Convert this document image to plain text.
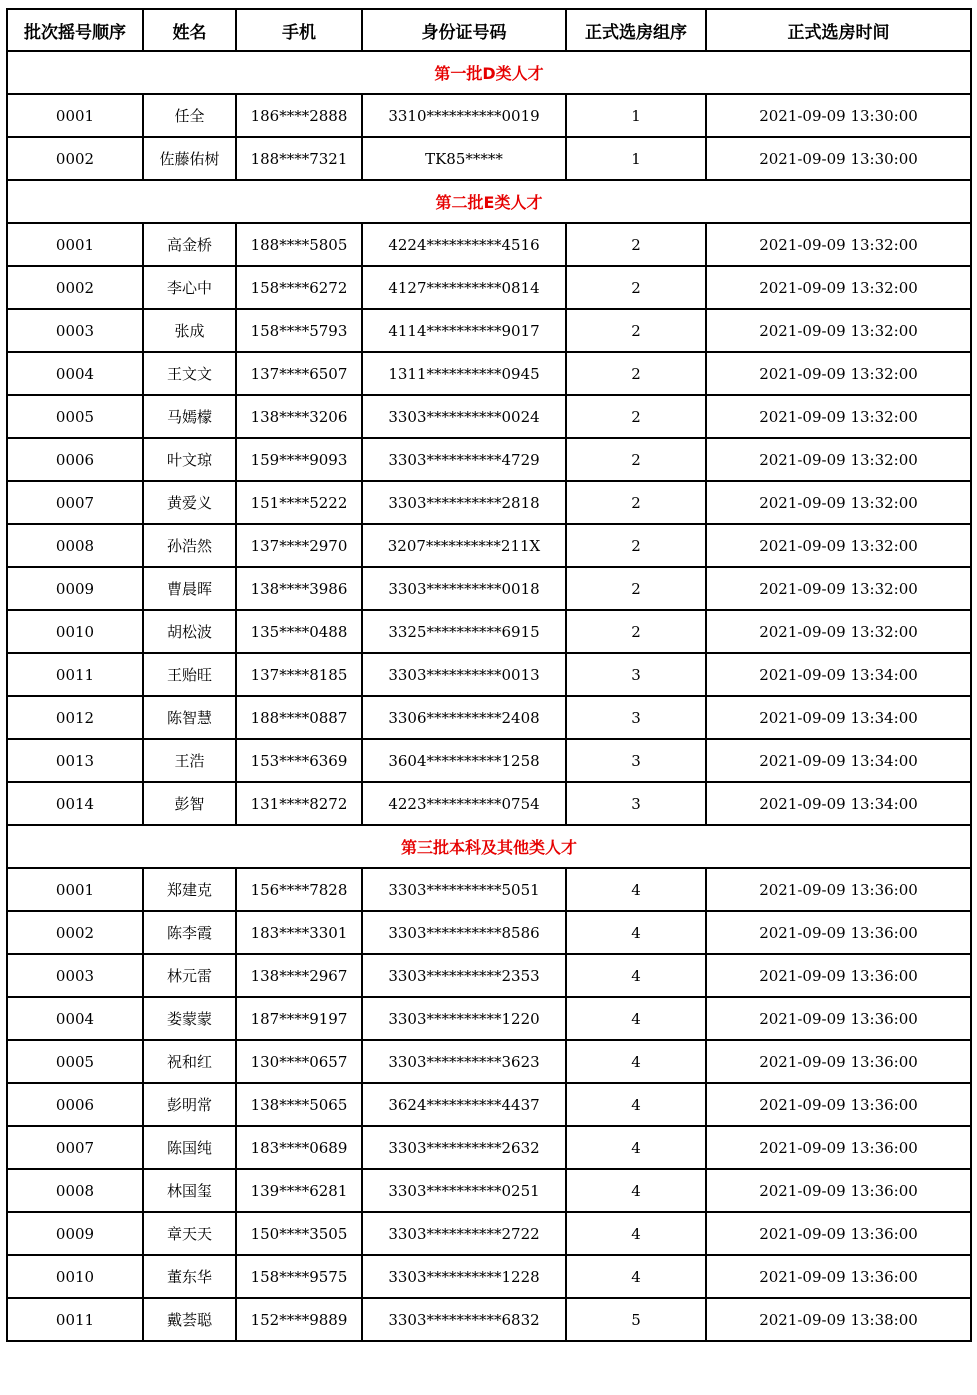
批次摇号顺序	姓名	手机	身份证号码	正式选房组序	正式选房时间
第一批D类人才					
0001	任全	186****2888	3310**********0019	1	2021-09-09 13:30:00
0002	佐藤佑树	188****7321	TK85*****	1	2021-09-09 13:30:00
第二批E类人才					
0001	高金桥	188****5805	4224**********4516	2	2021-09-09 13:32:00
0002	李心中	158****6272	4127**********0814	2	2021-09-09 13:32:00
0003	张成	158****5793	4114**********9017	2	2021-09-09 13:32:00
0004	王文文	137****6507	1311**********0945	2	2021-09-09 13:32:00
0005	马嫣檬	138****3206	3303**********0024	2	2021-09-09 13:32:00
0006	叶文琼	159****9093	3303**********4729	2	2021-09-09 13:32:00
0007	黄爱义	151****5222	3303**********2818	2	2021-09-09 13:32:00
0008	孙浩然	137****2970	3207**********211X	2	2021-09-09 13:32:00
0009	曹晨晖	138****3986	3303**********0018	2	2021-09-09 13:32:00
0010	胡松波	135****0488	3325**********6915	2	2021-09-09 13:32:00
0011	王贻旺	137****8185	3303**********0013	3	2021-09-09 13:34:00
0012	陈智慧	188****0887	3306**********2408	3	2021-09-09 13:34:00
0013	王浩	153****6369	3604**********1258	3	2021-09-09 13:34:00
0014	彭智	131****8272	4223**********0754	3	2021-09-09 13:34:00
第三批本科及其他类人才					
0001	郑建克	156****7828	3303**********5051	4	2021-09-09 13:36:00
0002	陈李霞	183****3301	3303**********8586	4	2021-09-09 13:36:00
0003	林元雷	138****2967	3303**********2353	4	2021-09-09 13:36:00
0004	娄蒙蒙	187****9197	3303**********1220	4	2021-09-09 13:36:00
0005	祝和红	130****0657	3303**********3623	4	2021-09-09 13:36:00
0006	彭明常	138****5065	3624**********4437	4	2021-09-09 13:36:00
0007	陈国纯	183****0689	3303**********2632	4	2021-09-09 13:36:00
0008	林国玺	139****6281	3303**********0251	4	2021-09-09 13:36:00
0009	章天天	150****3505	3303**********2722	4	2021-09-09 13:36:00
0010	董东华	158****9575	3303**********1228	4	2021-09-09 13:36:00
0011	戴荟聪	152****9889	3303**********6832	5	2021-09-09 13:38:00
